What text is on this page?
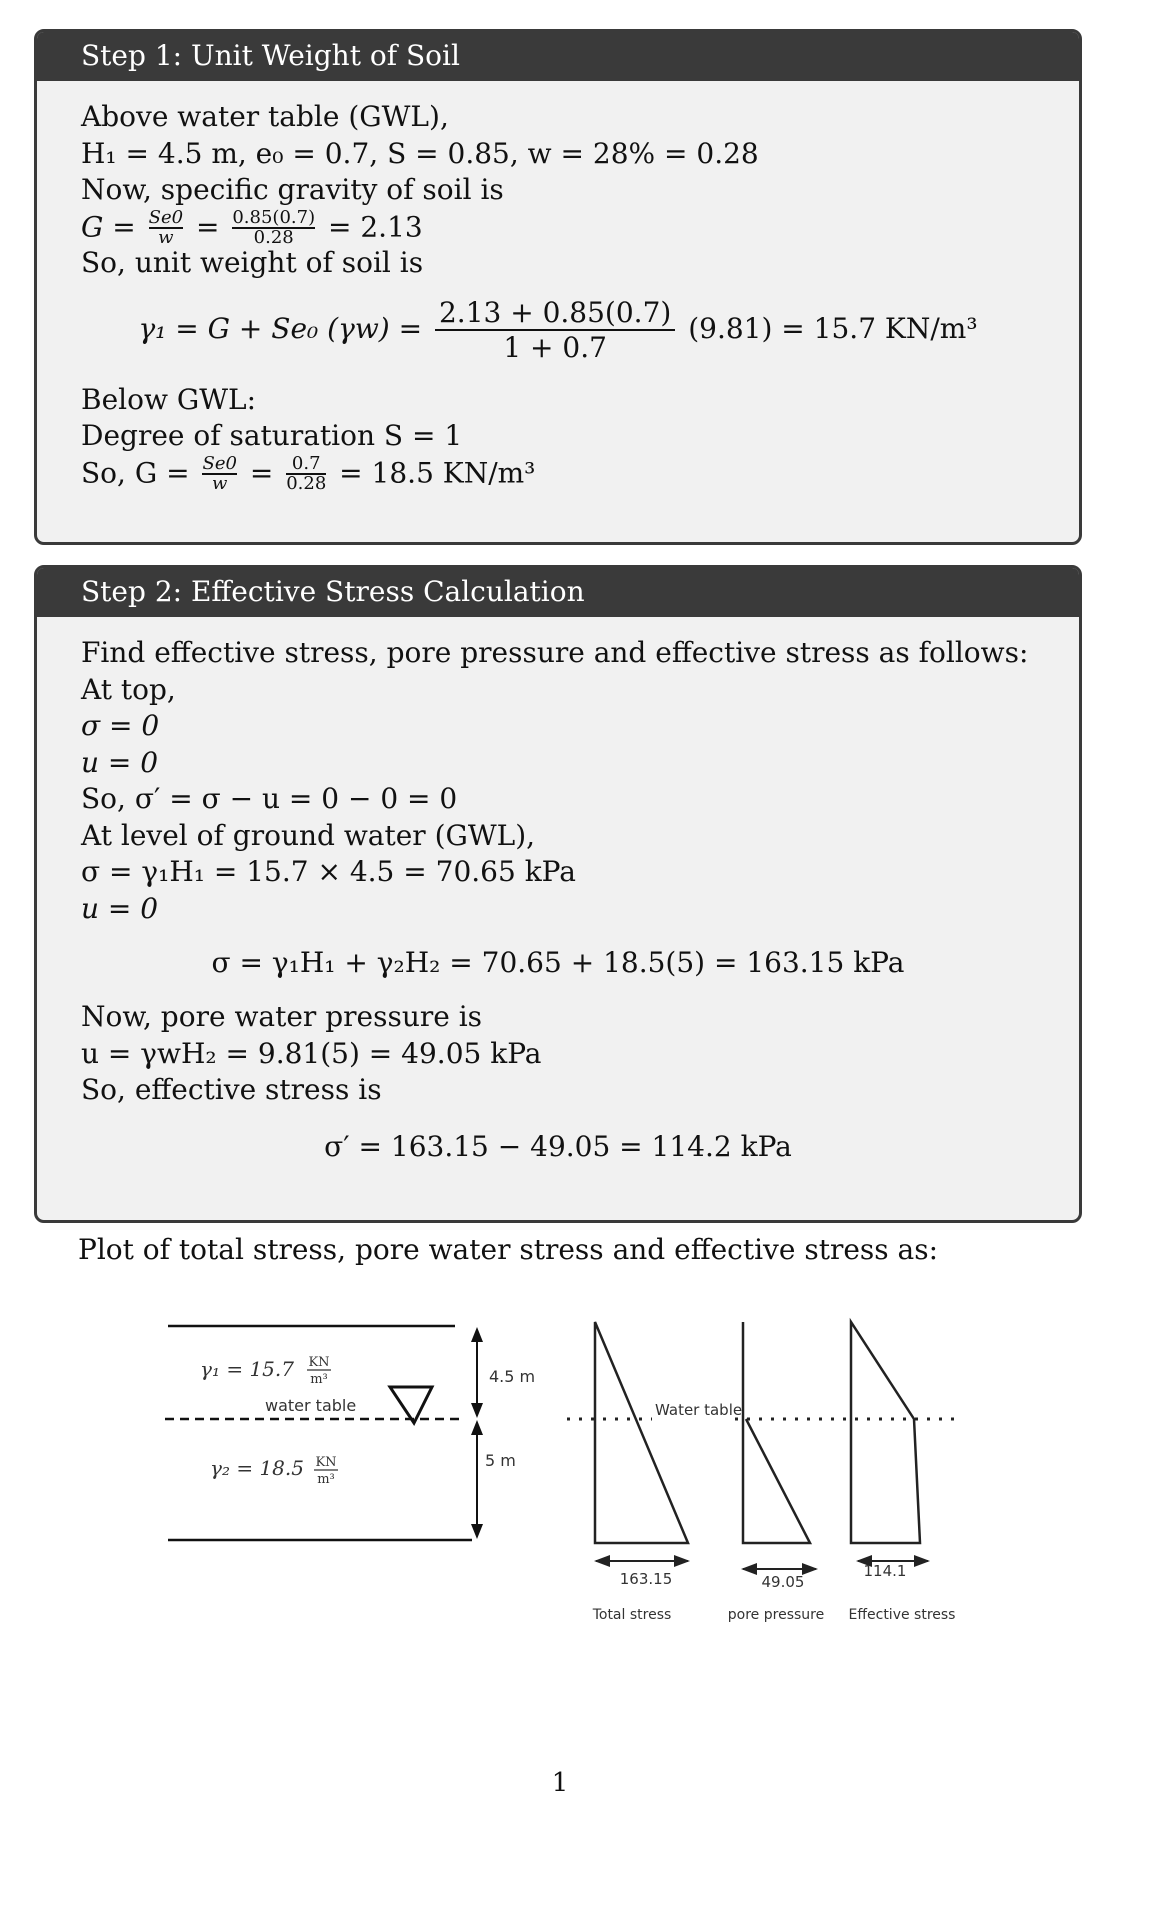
Step 1: Unit Weight of Soil
Above water table (GWL),
H₁ = 4.5 m, e₀ = 0.7, S = 0.85, w = 28% = 0.28
Now, specific gravity of soil is
$G = \frac{Se0}{w} = \frac{0.85(0.7)}{0.28} = 2.13$
So, unit weight of soil is
γ₁ = G + Se₀ $(\gamma w) = \frac{2.13 + 0.85(0.7)}{1 + 0.7} (9.81) = 15.7$ KN/m³
Below GWL:
Degree of saturation S = 1
So, $G = \frac{Se0}{w} = \frac{0.7}{0.28} = 18.5$ KN/m³
Step 2: Effective Stress Calculation
Find effective stress, pore pressure and effective stress as follows:
At top,
σ = 0
u = 0
So, σ′ = σ − u = 0 − 0 = 0
At level of ground water (GWL),
σ = γ₁H₁ = 15.7 × 4.5 = 70.65 kPa
u = 0
σ = γ₁H₁ + γ₂H₂ = 70.65 + 18.5(5) = 163.15 kPa
Now, pore water pressure is
u = γwH₂ = 9.81(5) = 49.05 kPa
So, effective stress is
σ′ = 163.15 − 49.05 = 114.2 kPa
Plot of total stress, pore water stress and effective stress as:
γ₁ = 15.7 KN
m³
water table
γ₂ = 18.5 KN
m³
4.5 m
5 m
Water table
163.15	49.05
114.1
Total stress	pore pressure Effective stress
1
